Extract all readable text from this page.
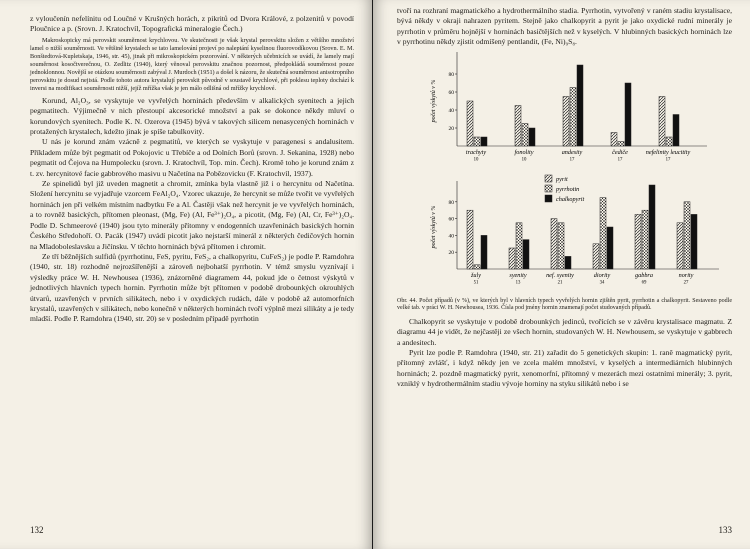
z vyloučenín nefelínitu od Loučné v Krušných horách, z pikritů od Dvora Králové, z polzenitů v povodí Ploučnice a p. (Srovn. J. Kratochvíl, Topografická mineralogie Čech.)

Makroskopicky má perovskit souměrnost krychlovou. Ve skutečnosti je však krystal perovskitu složen z většího množství lamel o nižší souměrnosti. Ve většině krystalech se tato lamelování projeví po naleptání kyselinou fluorovodíkovou (Srovn. E. M. Bonštedtová-Kupletskaja, 1946, str. 45), jinak při mikroskopickém pozorování. V některých učebnicích se uvádí, že lamely mají souměrnost kosočtverečnou, O. Zedlitz (1940), který věnoval perovskitu značnou pozornost, předpokládá souměrnost pouze jednoklonnou. Novější se otázkou souměrnosti zabýval J. Murdoch (1951) a došel k názoru, že skutečná souměrnost anisotropního perovskitu je dosud nejistá. Podle tohoto autora krystalují perovskit původně v soustavě krychlové, při poklesu teploty dochází k inversi na modifikaci souměrnosti nižší, jejíž mřížka však je jen málo odlišná od mřížky krychlové.

Korund, Al₂O₃, se vyskytuje ve vyvřelých horninách především v alkalických syenitech a jejich pegmatitech. Výjimečně v nich přestoupí akcesorické množství a pak se dokonce někdy mluví o korundových syenitech. Podle K. N. Ozerova (1945) bývá v takových silicem nenasycených horninách v protažených krystalech, kdežto jinak je spíše tabulkovitý.

U nás je korund znám vzácně z pegmatitů, ve kterých se vyskytuje v paragenesi s andalusitem. Příkladem může být pegmatit od Pokojovic u Třebíče a od Dolních Borů (srovn. J. Sekanina, 1928) nebo pegmatit od Čejova na Humpolecku (srovn. J. Kratochvíl, Top. min. Čech). Kromě toho je korund znám z t. zv. hercynitové facie gabbrového masivu u Načetína na Pobězovicku (F. Kratochvíl, 1937).

Ze spinelidů byl již uveden magnetit a chromit, zmínka byla vlastně již i o hercynitu od Načetína. Složení hercynitu se vyjadřuje vzorcem FeAl₂O₄. Vzorec ukazuje, že hercynit se může tvořit ve vyvřelých horninách jen při velkém místním nadbytku Fe a Al. Častěji však než hercynit je ve vyvřelých horninách, a to rovněž basických, přítomen pleonast, (Mg, Fe) (Al, Fe³⁺)₂O₄, a picotit, (Mg, Fe) (Al, Cr, Fe³⁺)₂O₄. Podle D. Schmeerové (1940) jsou tyto minerály přítomny v endogenních uzavřeninách basických hornin Českého Středohoří. O. Pacák (1947) uvádí picotit jako nejstarší minerál z některých čedičových hornin na Mladoboleslavsku a Jičínsku. V těchto horninách bývá přítomen i chromit.

Ze tří běžnějších sulfidů (pyrrhotinu, FeS, pyritu, FeS₂, a chalkopyritu, CuFeS₂) je podle P. Ramdohra (1940, str. 18) rozhodně nejrozšířenější a zároveň nejbohatší pyrrhotin. V témž smyslu vyznívají i výsledky práce W. H. Newhouseа (1936), znázorněné diagramem 44, pokud jde o četnost výskytů v jednotlivých hlavních typech hornin. Pyrrhotin může být přítomen v podobě drobounkých okrouhlých útvarů, uzavřených v prvních silikátech, nebo i v oxydických rudách, dále v podobě až automorfních krystalů, uzavřených v silikátech, nebo konečně v některých horninách tvoří výplně mezi silikáty a je tedy mladší. Podle P. Ramdohra (1940, str. 20) se v posledním případě pyrrhotin

132

tvoří na rozhraní magmatického a hydrothermálního stadia. Pyrrhotin, vytvořený v raném stadiu krystalisace, bývá někdy v okraji nahrazen pyritem. Stejně jako chalkopyrit a pyrit je jako oxydické rudní minerály je pyrrhotin v průměru hojnější v horninách basičtějších než v kyselých. V hlubinných basických horninách lze v pyrrhotinu někdy zjistit odmíšený pentlandit, (Fe, Ni)₉S₈.

počet výskytů v %
20
40
60
80
trachyty
10
fonolity
10
andesity
17
čediče
17
nefelinity leucitity
17

počet výskytů v %
20
40
60
80
žuly
51
syenity
13
nef. syenity
21
diority
34
gabbra
69
nority
27
pyrit
pyrrhotin
chalkopyrit

Obr. 44. Počet případů (v %), ve kterých byl v hlavních typech vyvřelých hornin zjištěn pyrit, pyrrhotin a chalkopyrit. Sestaveno podle velké tab. v práci W. H. Newhousea, 1936. Čísla pod jmény hornin znamenají počet studovaných případů.

Chalkopyrit se vyskytuje v podobě drobounkých jedinců, tvořících se v závěru krystalisace magmatu. Z diagramu 44 je vidět, že nejčastěji ze všech hornin, studovaných W. H. Newhousem, se vyskytuje v gabbrech a andesitech.

Pyrit lze podle P. Ramdohra (1940, str. 21) zařadit do 5 genetických skupin: 1. raně magmatický pyrit, přítomný zvlášť, i když někdy jen ve zcela malém množství, v kyselých a intermediárních hlubinných horninách; 2. pozdně magmatický pyrit, xenomorfní, přítomný v mezerách mezi ostatními minerály; 3. pyrit, vzniklý v hydrothermálním stadiu vývoje horniny na styku silikátů nebo i se

133
